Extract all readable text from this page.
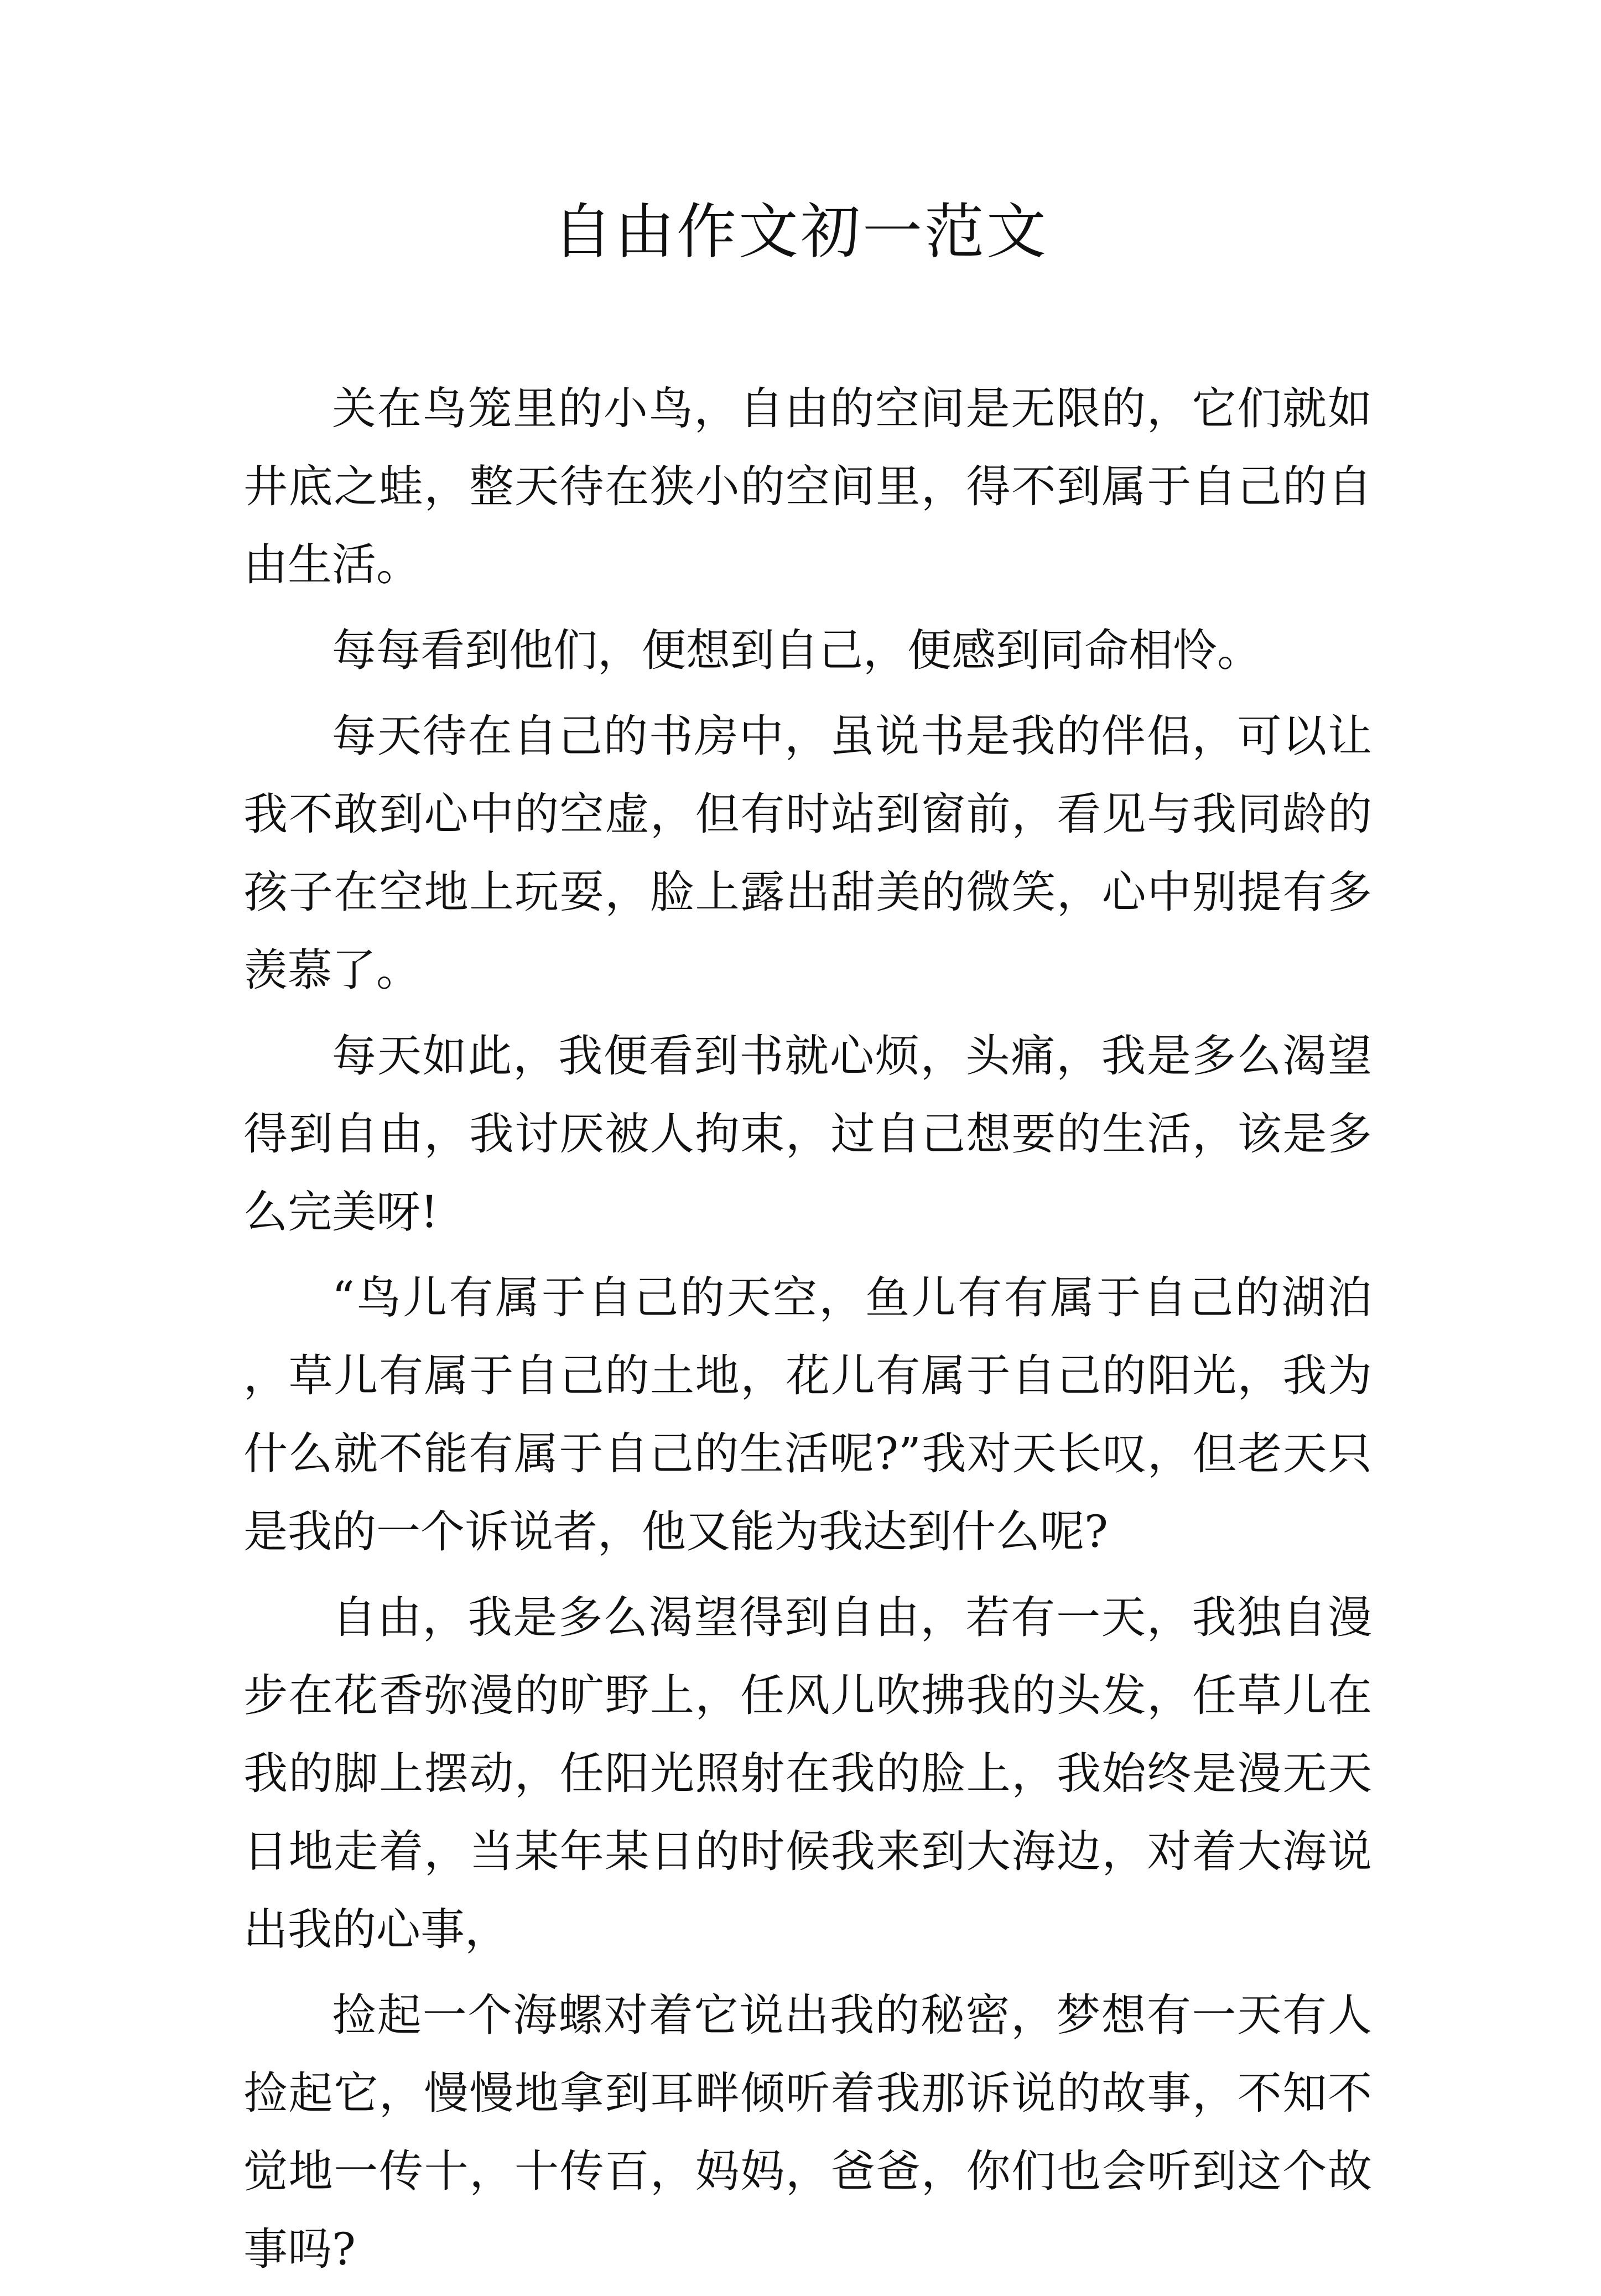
自由作文初一范文

关在鸟笼里的小鸟，自由的空间是无限的，它们就如井底之蛙，整天待在狭小的空间里，得不到属于自己的自由生活。

每每看到他们，便想到自己，便感到同命相怜。

每天待在自己的书房中，虽说书是我的伴侣，可以让我不敢到心中的空虚，但有时站到窗前，看见与我同龄的孩子在空地上玩耍，脸上露出甜美的微笑，心中别提有多羡慕了。

每天如此，我便看到书就心烦，头痛，我是多么渴望得到自由，我讨厌被人拘束，过自己想要的生活，该是多么完美呀!

“鸟儿有属于自己的天空，鱼儿有有属于自己的湖泊，草儿有属于自己的土地，花儿有属于自己的阳光，我为什么就不能有属于自己的生活呢?”我对天长叹，但老天只是我的一个诉说者，他又能为我达到什么呢?

自由，我是多么渴望得到自由，若有一天，我独自漫步在花香弥漫的旷野上，任风儿吹拂我的头发，任草儿在我的脚上摆动，任阳光照射在我的脸上，我始终是漫无天日地走着，当某年某日的时候我来到大海边，对着大海说出我的心事，

捡起一个海螺对着它说出我的秘密，梦想有一天有人捡起它，慢慢地拿到耳畔倾听着我那诉说的故事，不知不觉地一传十，十传百，妈妈，爸爸，你们也会听到这个故事吗?
